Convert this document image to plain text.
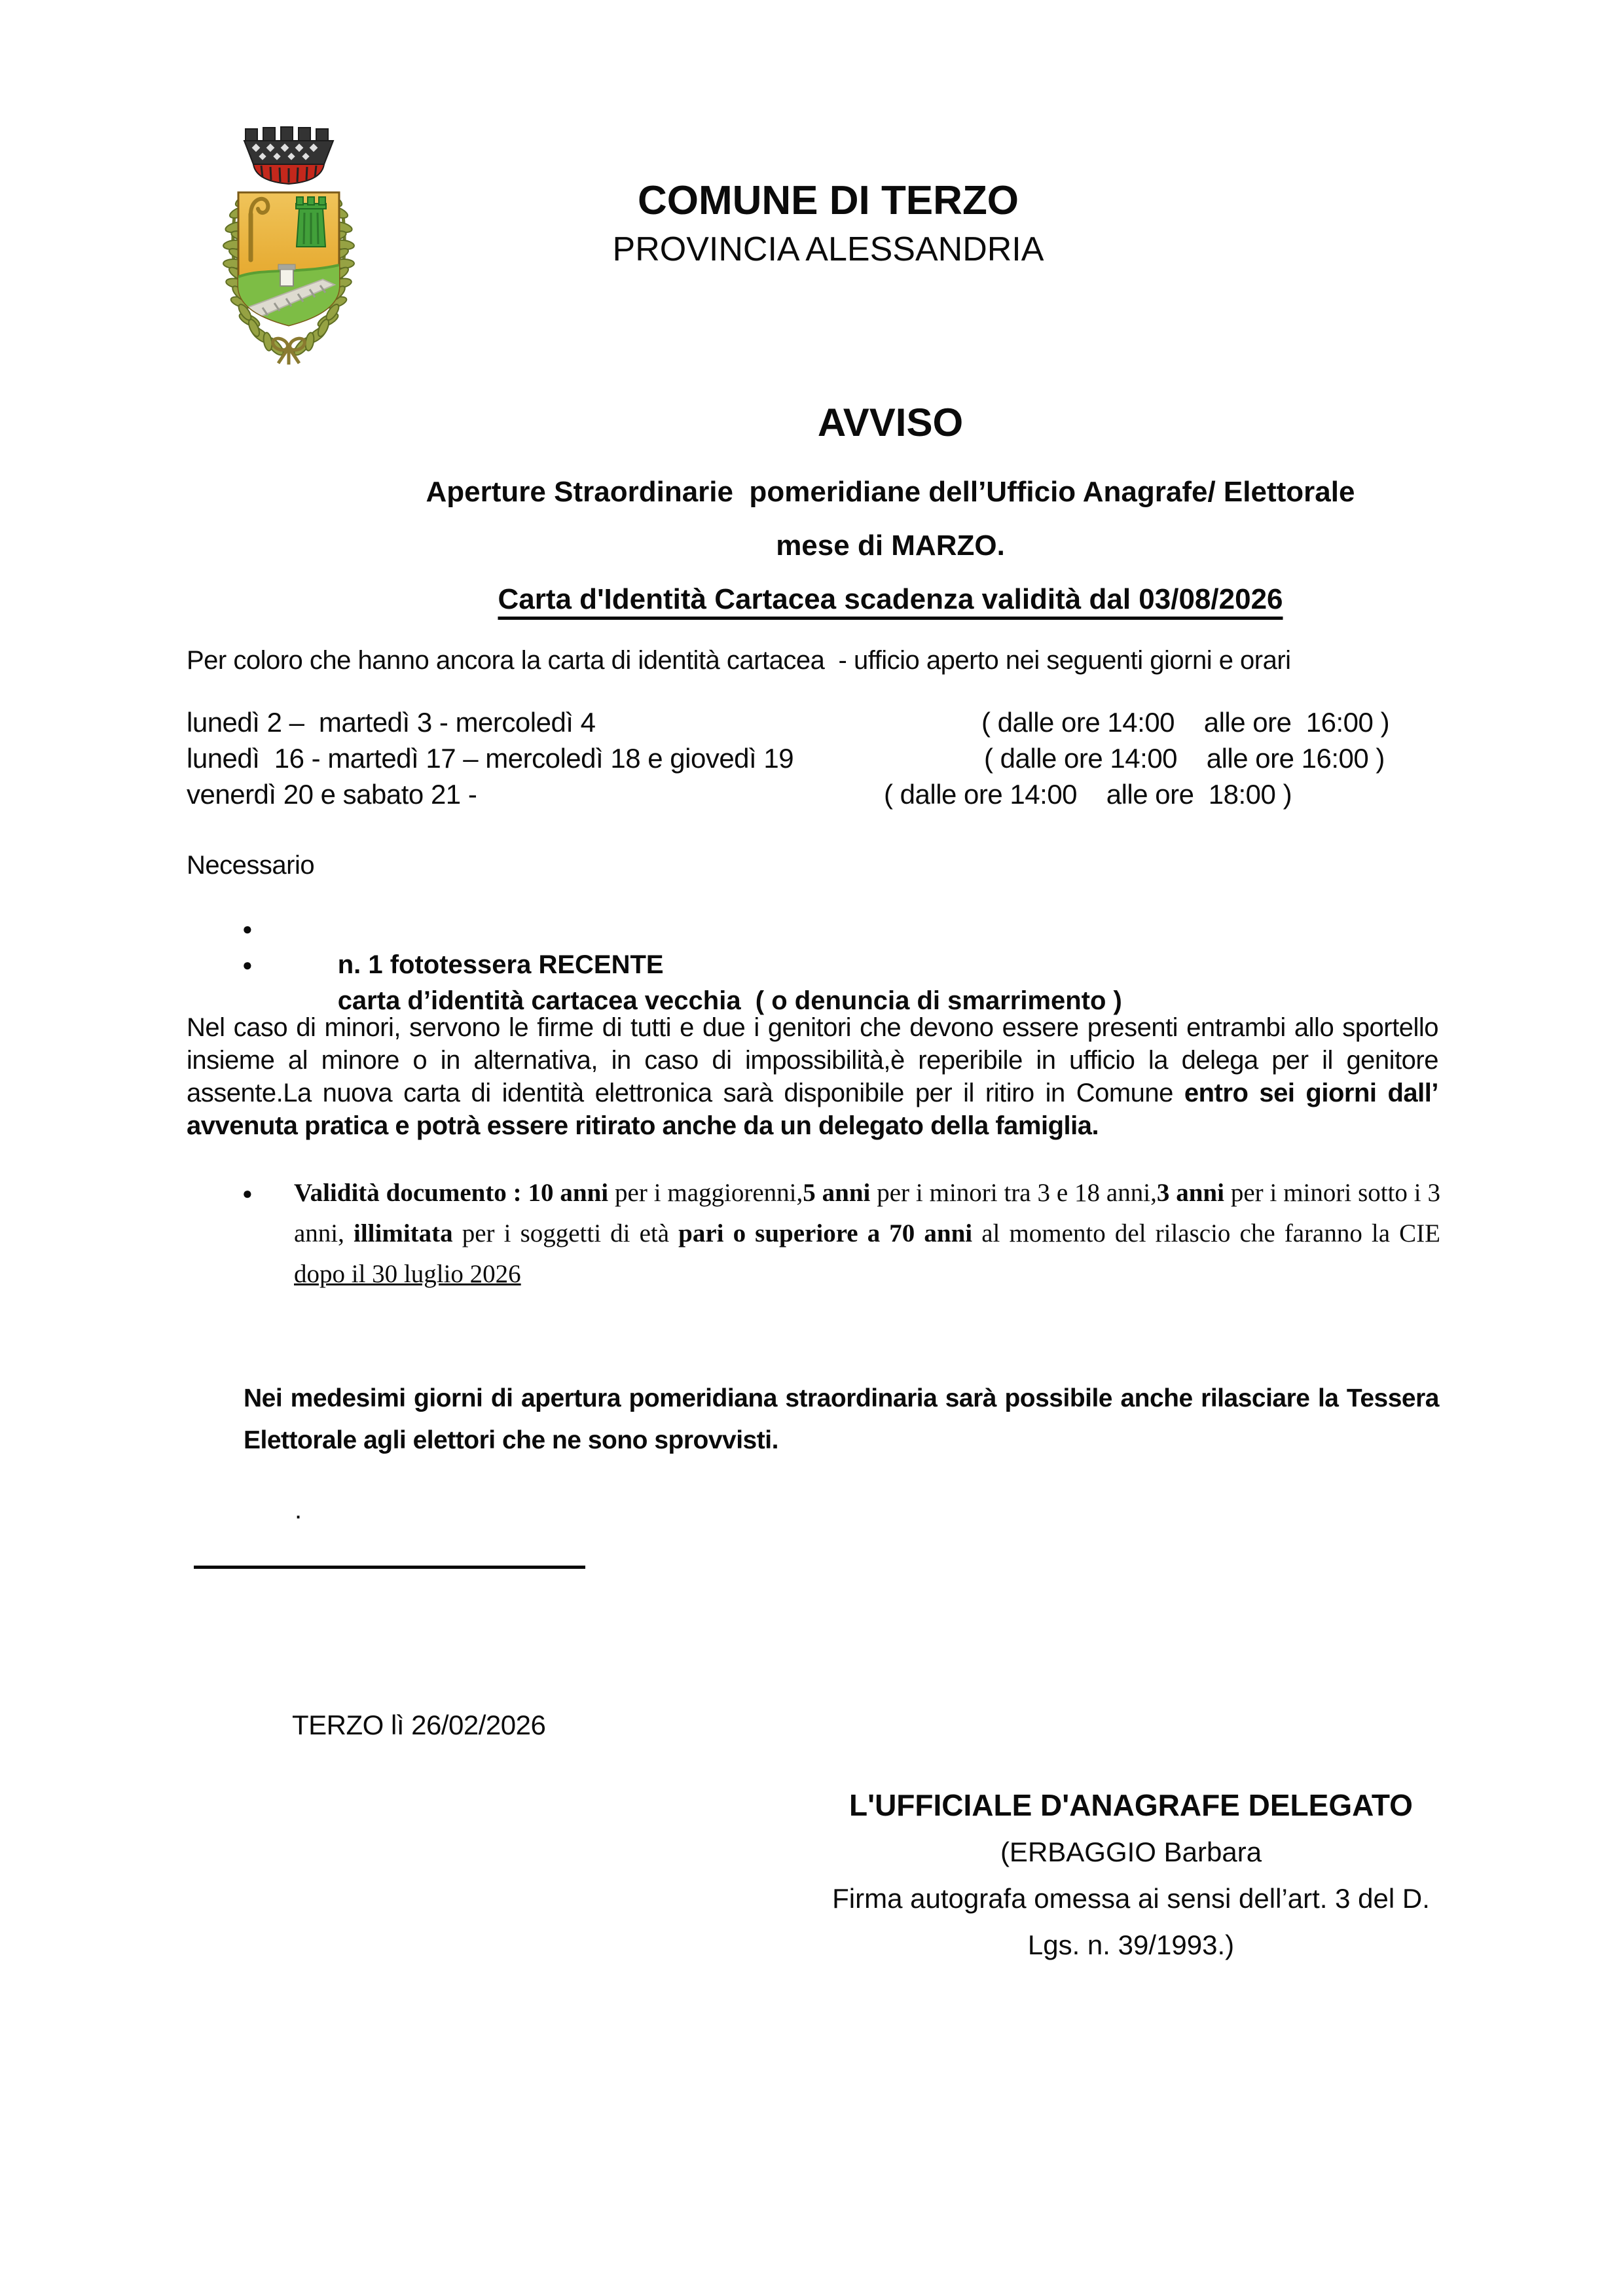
COMUNE DI TERZO
PROVINCIA ALESSANDRIA
AVVISO
Aperture Straordinarie  pomeridiane dell’Ufficio Anagrafe/ Elettorale
mese di MARZO.
Carta d'Identità Cartacea scadenza validità dal 03/08/2026
Per coloro che hanno ancora la carta di identità cartacea  - ufficio aperto nei seguenti giorni e orari
lunedì 2 –  martedì 3 - mercoledì 4	( dalle ore 14:00    alle ore  16:00 )
lunedì  16 - martedì 17 – mercoledì 18 e giovedì 19	( dalle ore 14:00    alle ore 16:00 )
venerdì 20 e sabato 21 -	( dalle ore 14:00    alle ore  18:00 )
Necessario

●
n. 1 fototessera RECENTE

●
carta d’identità cartacea vecchia  ( o denuncia di smarrimento )

Nel caso di minori, servono le firme di tutti e due i genitori che devono essere presenti entrambi allo sportello insieme al minore o in alternativa, in caso di impossibilità,è reperibile in ufficio la delega per il genitore assente.La nuova carta di identità elettronica sarà disponibile per il ritiro in Comune entro sei giorni dall’ avvenuta pratica e potrà essere ritirato anche da un delegato della famiglia.
● Validità documento : 10 anni per i maggiorenni,5 anni per i minori tra 3 e 18 anni,3 anni per i minori sotto i 3 anni, illimitata per i soggetti di età pari o superiore a 70 anni al momento del rilascio che faranno la CIE dopo il 30 luglio 2026
Nei medesimi giorni di apertura pomeridiana straordinaria sarà possibile anche rilasciare la Tessera Elettorale agli elettori che ne sono sprovvisti.
.
TERZO lì 26/02/2026
L'UFFICIALE D'ANAGRAFE DELEGATO
(ERBAGGIO Barbara
Firma autografa omessa ai sensi dell’art. 3 del D.
Lgs. n. 39/1993.)
